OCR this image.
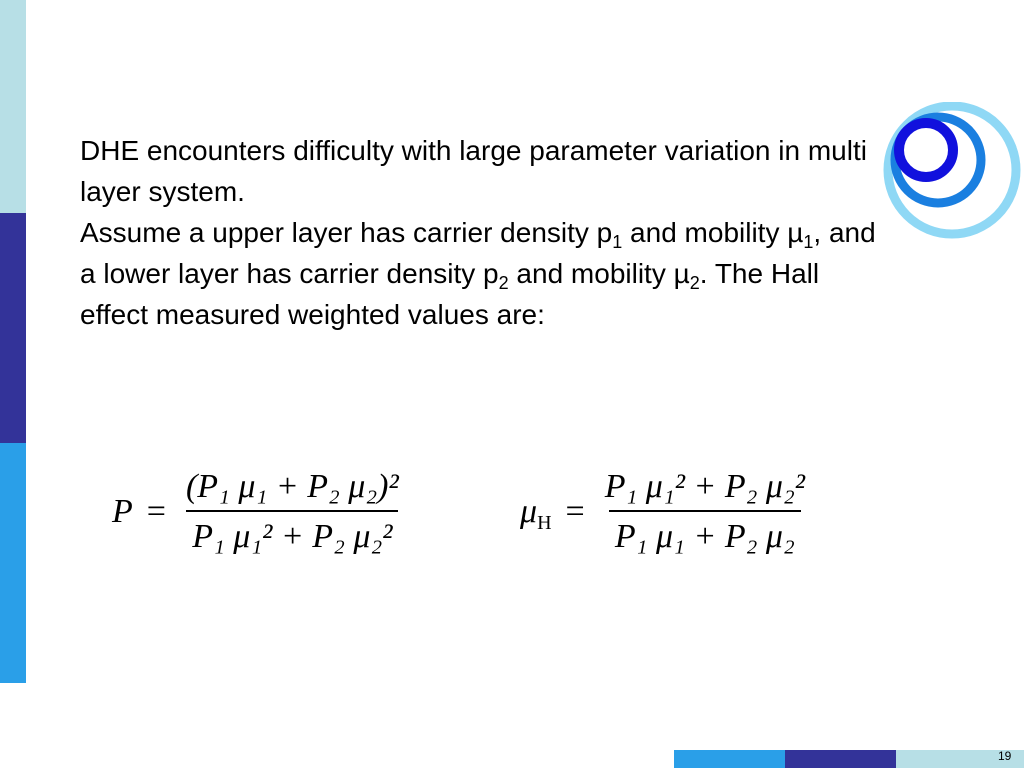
DHE encounters difficulty with large parameter variation in multi layer system.

Assume a upper layer has carrier density $p_1$ and mobility µ$_1$, and a lower layer has carrier density $p_2$ and mobility µ$_2$. The Hall effect measured weighted values are:

$P = \frac{\text{(P₁ μ₁ + P₂ μ₂)²}}{\text{P₁ μ₁² + P₂ μ₂²}}$	$\mu_H = \frac{\text{P₁ μ₁² + P₂ μ₂²}}{\text{P₁ μ₁ + P₂ μ₂}}$
19
